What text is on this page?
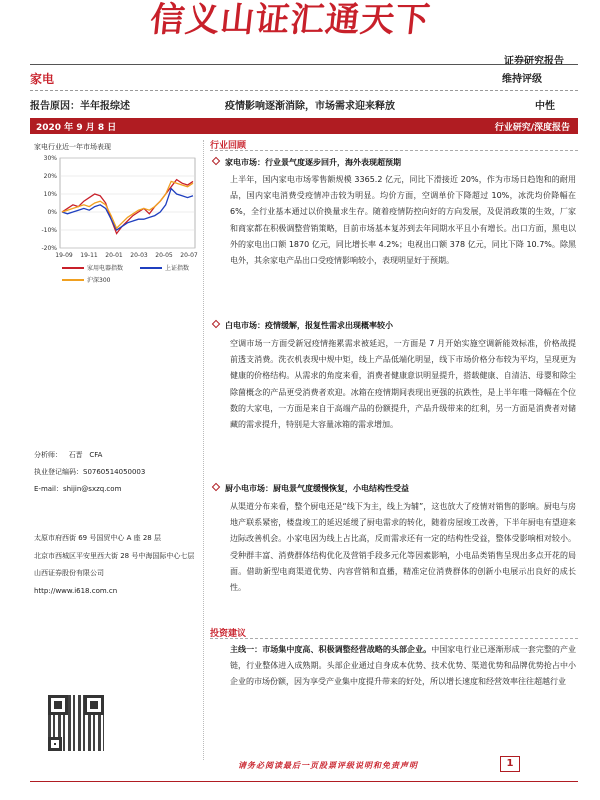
信义山证汇通天下
证券研究报告
家电	维持评级
报告原因：半年报综述	疫情影响逐渐消除，市场需求迎来释放	中性
2020 年 9 月 8 日	行业研究/深度报告
家电行业近一年市场表现
30%
20%
10%
0%
-10%
-20%
19-09 19-11 20-01 20-03 20-05 20-07
家用电器指数	上证指数
沪深300
分析师： 石晋 CFA
执业登记编码：S0760514050003
E-mail：shijin@sxzq.com
太原市府西街 69 号国贸中心 A 座 28 层
北京市西城区平安里西大街 28 号中海国际中心七层
山西证券股份有限公司
http://www.i618.com.cn
行业回顾
家电市场：行业景气度逐步回升，海外表现超预期
上半年，国内家电市场零售额规模 3365.2 亿元，同比下滑接近 20%，作为市场日趋饱和的耐用品，国内家电消费受疫情冲击较为明显。均价方面，空调单价下降超过 10%，冰洗均价降幅在 6%，全行业基本通过以价换量求生存。随着疫情防控向好的方向发展，及促消政策的生效，厂家和商家都在积极调整营销策略，目前市场基本复苏到去年同期水平且小有增长。出口方面，黑电以外的家电出口额 1870 亿元，同比增长率 4.2%；电视出口额 378 亿元，同比下降 10.7%。除黑电外，其余家电产品出口受疫情影响较小，表现明显好于预期。
白电市场：疫情缓解，报复性需求出现概率较小
空调市场一方面受新冠疫情拖累需求被延迟，一方面是 7 月开始实施空调新能效标准，价格战提前透支消费。洗衣机表现中规中矩，线上产品低端化明显，线下市场价格分布较为平均，呈现更为健康的价格结构。从需求的角度来看，消费者健康意识明显提升，搭载健康、自清洁、母婴和除尘除菌概念的产品更受消费者欢迎。冰箱在疫情期间表现出更强的抗跌性，是上半年唯一降幅在个位数的大家电，一方面是来自于高端产品的份额提升，产品升级带来的红利，另一方面是消费者对储藏的需求提升，特别是大容量冰箱的需求增加。
厨小电市场：厨电景气度缓慢恢复，小电结构性受益
从渠道分布来看，整个厨电还是“线下为主，线上为辅”，这也放大了疫情对销售的影响。厨电与房地产联系紧密，楼盘竣工的延迟延缓了厨电需求的转化，随着房屋竣工改善，下半年厨电有望迎来边际改善机会。小家电因为线上占比高，反而需求还有一定的结构性受益，整体受影响相对较小。受种群丰富、消费群体结构优化及营销手段多元化等因素影响，小电品类销售呈现出多点开花的局面。借助新型电商渠道优势、内容营销和直播，精准定位消费群体的创新小电展示出良好的成长性。
投资建议
主线一：市场集中度高、积极调整经营战略的头部企业。中国家电行业已逐渐形成一套完整的产业链，行业整体进入成熟期。头部企业通过自身成本优势、技术优势、渠道优势和品牌优势抢占中小企业的市场份额，因为享受产业集中度提升带来的好处，所以增长速度和经营效率往往超越行业
请务必阅读最后一页股票评级说明和免责声明	1
